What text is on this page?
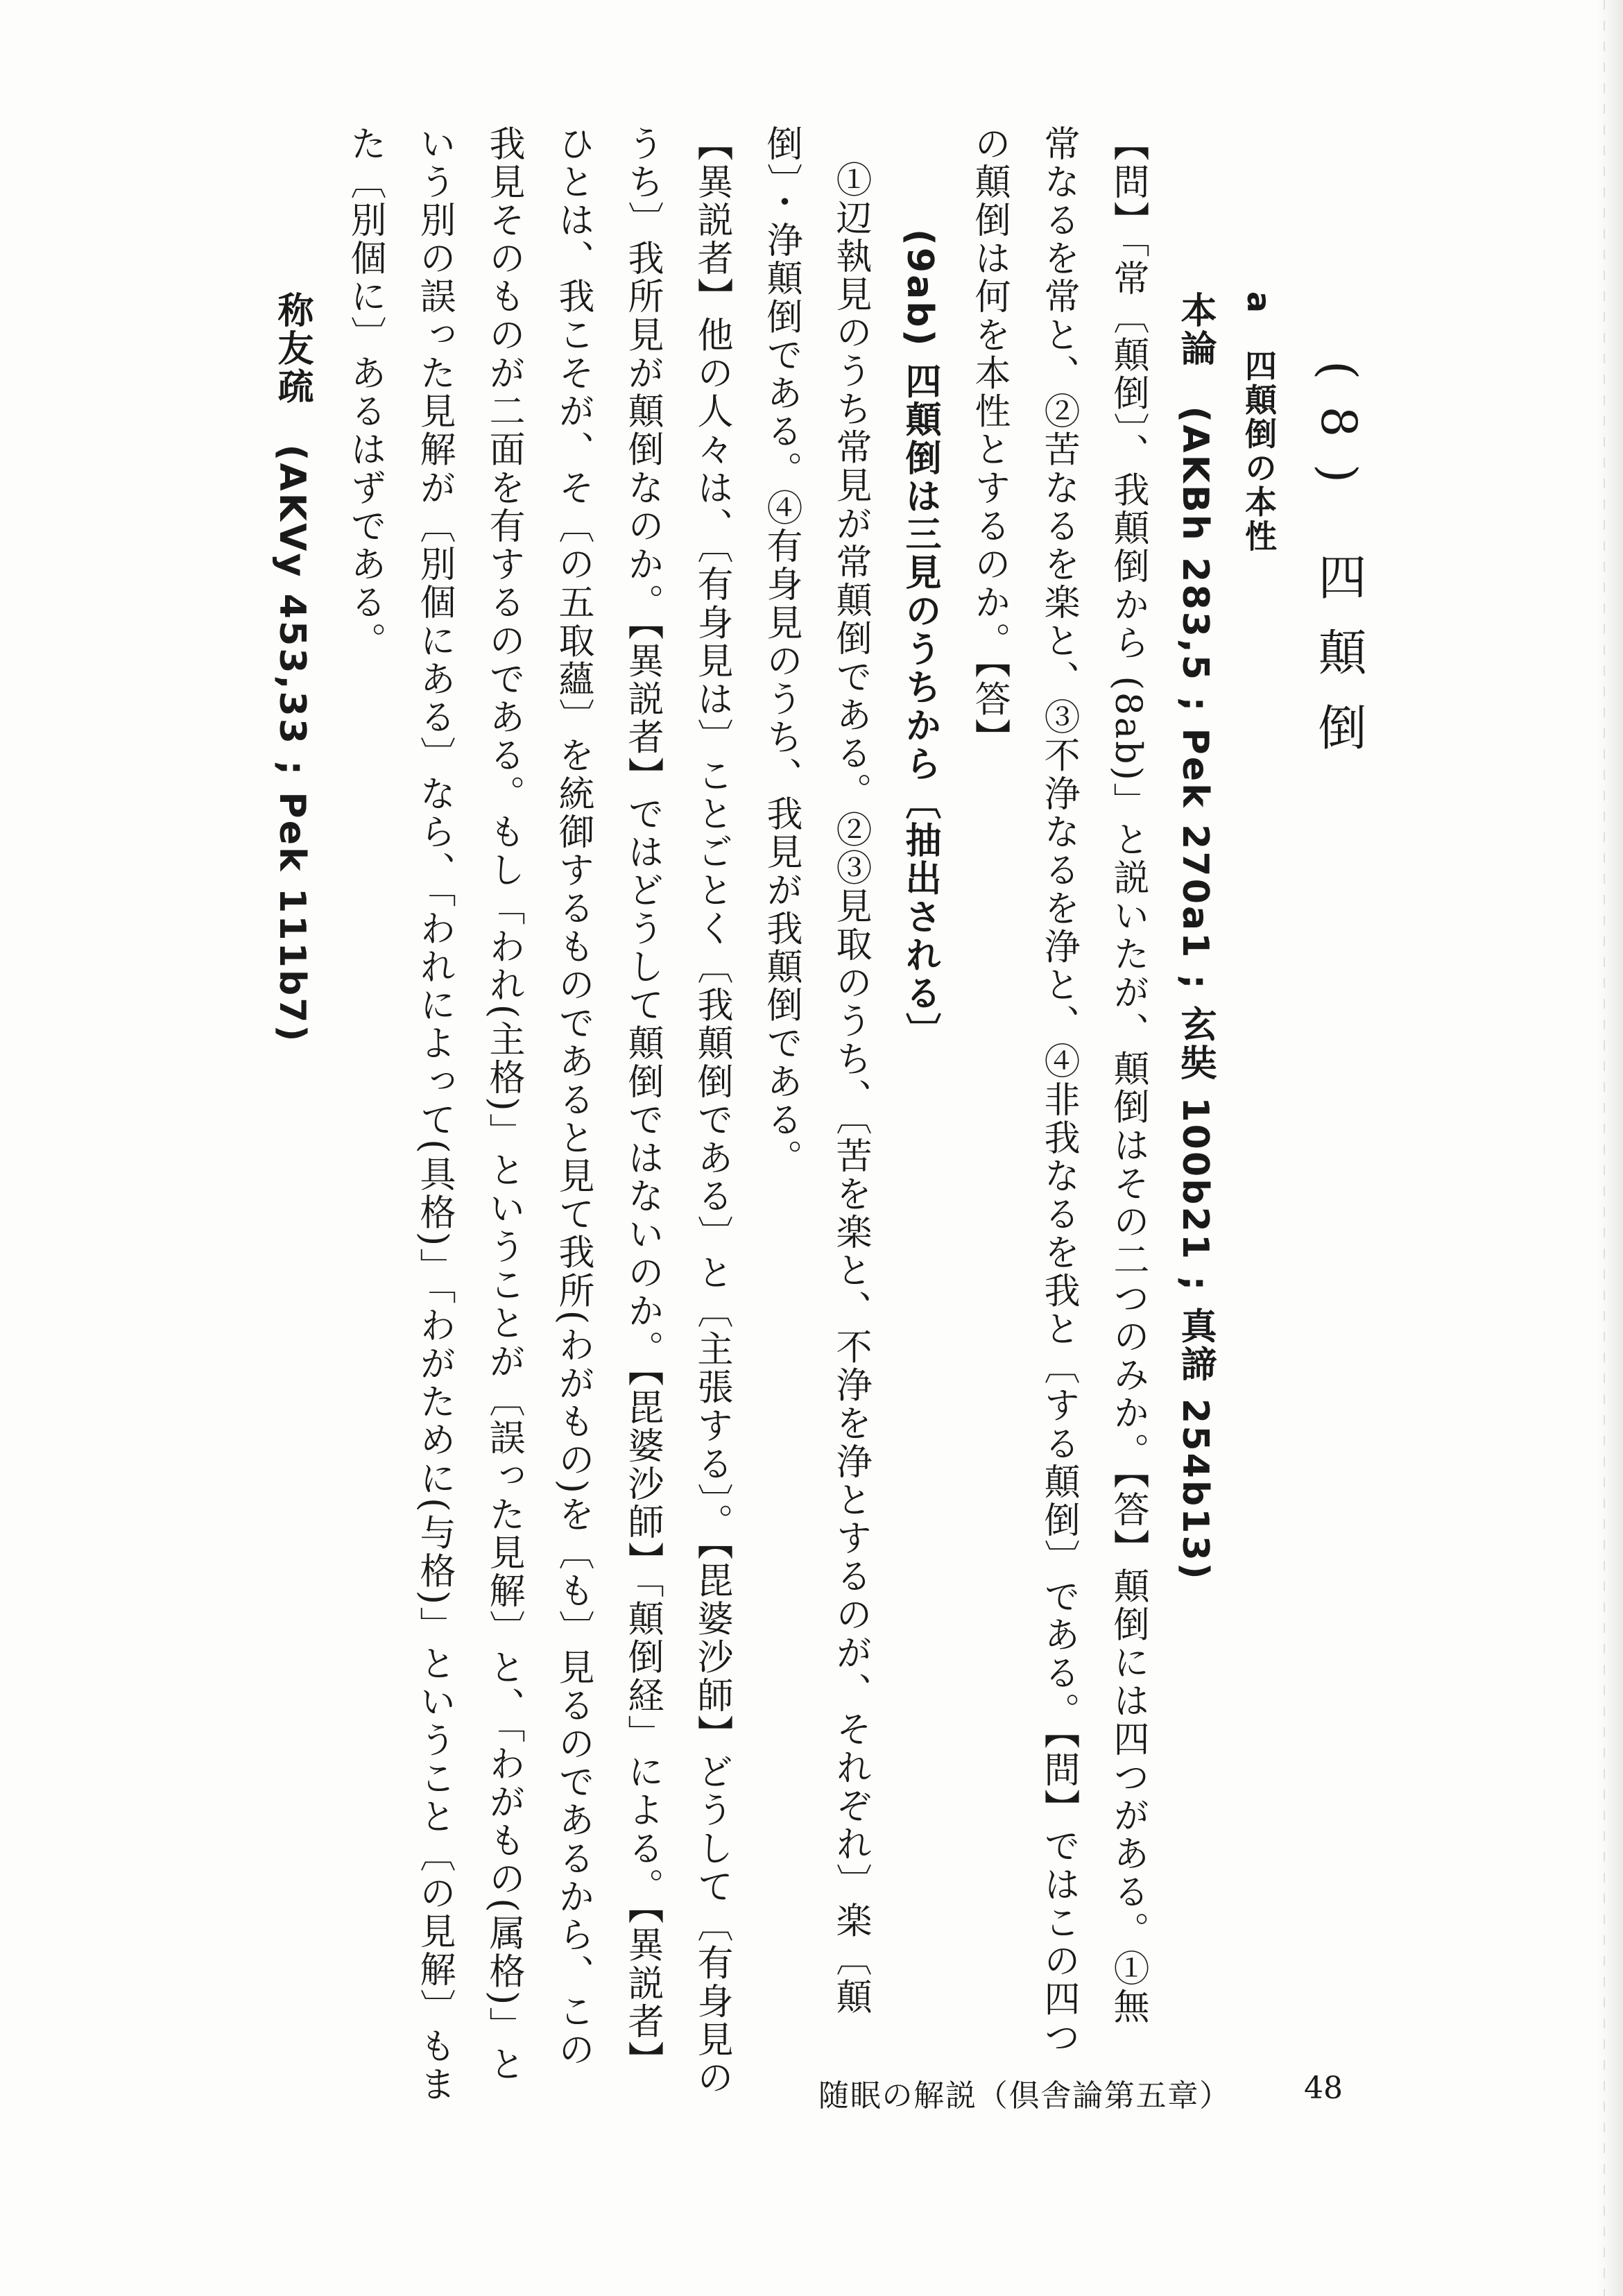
(8) 四顛倒
a　四顛倒の本性
本論　(AKBh 283,5 ; Pek 270a1 ; 玄奘 100b21 ; 真諦 254b13)
【問】「常〔顛倒〕、我顛倒から (8ab)」と説いたが、顛倒はその二つのみか。【答】顛倒には四つがある。①無
常なるを常と、②苦なるを楽と、③不浄なるを浄と、④非我なるを我と〔する顛倒〕である。【問】ではこの四つ
の顛倒は何を本性とするのか。【答】
(9ab) 四顛倒は三見のうちから〔抽出される〕
①辺執見のうち常見が常顛倒である。②③見取のうち、〔苦を楽と、不浄を浄とするのが、それぞれ〕楽〔顛
倒〕・浄顛倒である。④有身見のうち、我見が我顛倒である。
【異説者】他の人々は、〔有身見は〕ことごとく〔我顛倒である〕と〔主張する〕。【毘婆沙師】どうして〔有身見の
うち〕我所見が顛倒なのか。【異説者】ではどうして顛倒ではないのか。【毘婆沙師】「顛倒経」による。【異説者】
ひとは、我こそが、そ〔の五取蘊〕を統御するものであると見て我所(わがもの)を〔も〕見るのであるから、この
我見そのものが二面を有するのである。もし「われ(主格)」ということが〔誤った見解〕と、「わがもの(属格)」と
いう別の誤った見解が〔別個にある〕なら、「われによって(具格)」「わがために(与格)」ということ〔の見解〕もま
た〔別個に〕あるはずである。
称友疏　(AKVy 453,33 ; Pek 111b7)
随眠の解説（倶舎論第五章） 48
